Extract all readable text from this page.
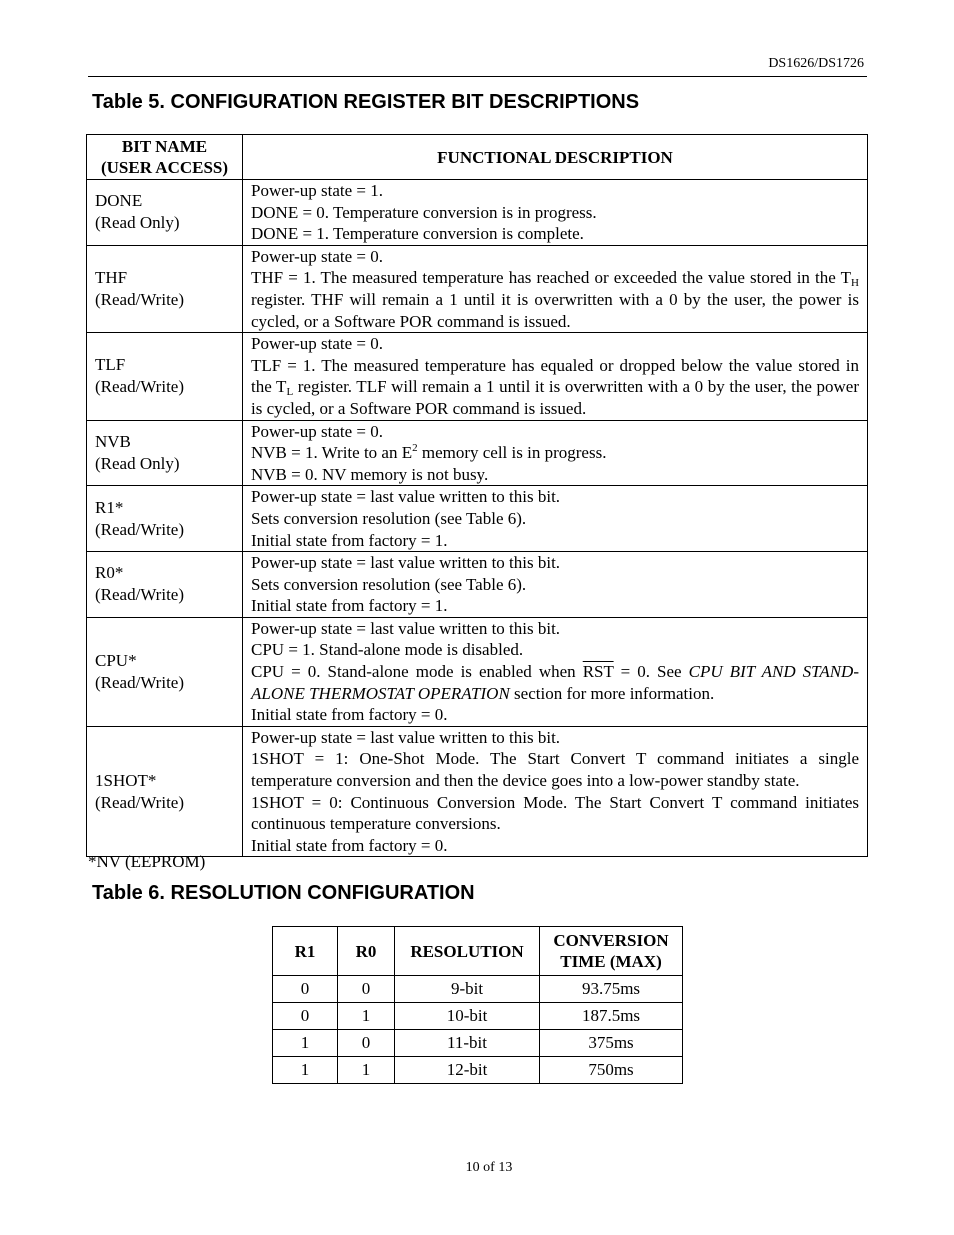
DS1626/DS1726
Table 5. CONFIGURATION REGISTER BIT DESCRIPTIONS
BIT NAME
(USER ACCESS)	FUNCTIONAL DESCRIPTION
DONE
(Read Only)	Power-up state = 1.
DONE = 0. Temperature conversion is in progress.
DONE = 1. Temperature conversion is complete.

THF
(Read/Write)	Power-up state = 0.
THF = 1. The measured temperature has reached or exceeded the value stored in the $T_H$ register. THF will remain a 1 until it is overwritten with a 0 by the user, the power is cycled, or a Software POR command is issued.

TLF
(Read/Write)	Power-up state = 0.
TLF = 1. The measured temperature has equaled or dropped below the value stored in the $T_L$ register. TLF will remain a 1 until it is overwritten with a 0 by the user, the power is cycled, or a Software POR command is issued.

NVB
(Read Only)	Power-up state = 0.
NVB = 1. Write to an $E^2$ memory cell is in progress.
NVB = 0. NV memory is not busy.

R1*
(Read/Write)	Power-up state = last value written to this bit.
Sets conversion resolution (see Table 6).
Initial state from factory = 1.

R0*
(Read/Write)	Power-up state = last value written to this bit.
Sets conversion resolution (see Table 6).
Initial state from factory = 1.

CPU*
(Read/Write)	Power-up state = last value written to this bit.
CPU = 1. Stand-alone mode is disabled.
CPU = 0. Stand-alone mode is enabled when $\overline{RST} = 0$. See CPU BIT AND STAND-ALONE THERMOSTAT OPERATION section for more information.
Initial state from factory = 0.

1SHOT*
(Read/Write)	Power-up state = last value written to this bit.
1SHOT = 1: One-Shot Mode. The Start Convert T command initiates a single temperature conversion and then the device goes into a low-power standby state.
1SHOT = 0: Continuous Conversion Mode. The Start Convert T command initiates continuous temperature conversions.
Initial state from factory = 0.
*NV (EEPROM)
Table 6. RESOLUTION CONFIGURATION
R1	R0	RESOLUTION	CONVERSION
TIME (MAX)
0	0	9-bit	93.75ms
0	1	10-bit	187.5ms
1	0	11-bit	375ms
1	1	12-bit	750ms
10 of 13
